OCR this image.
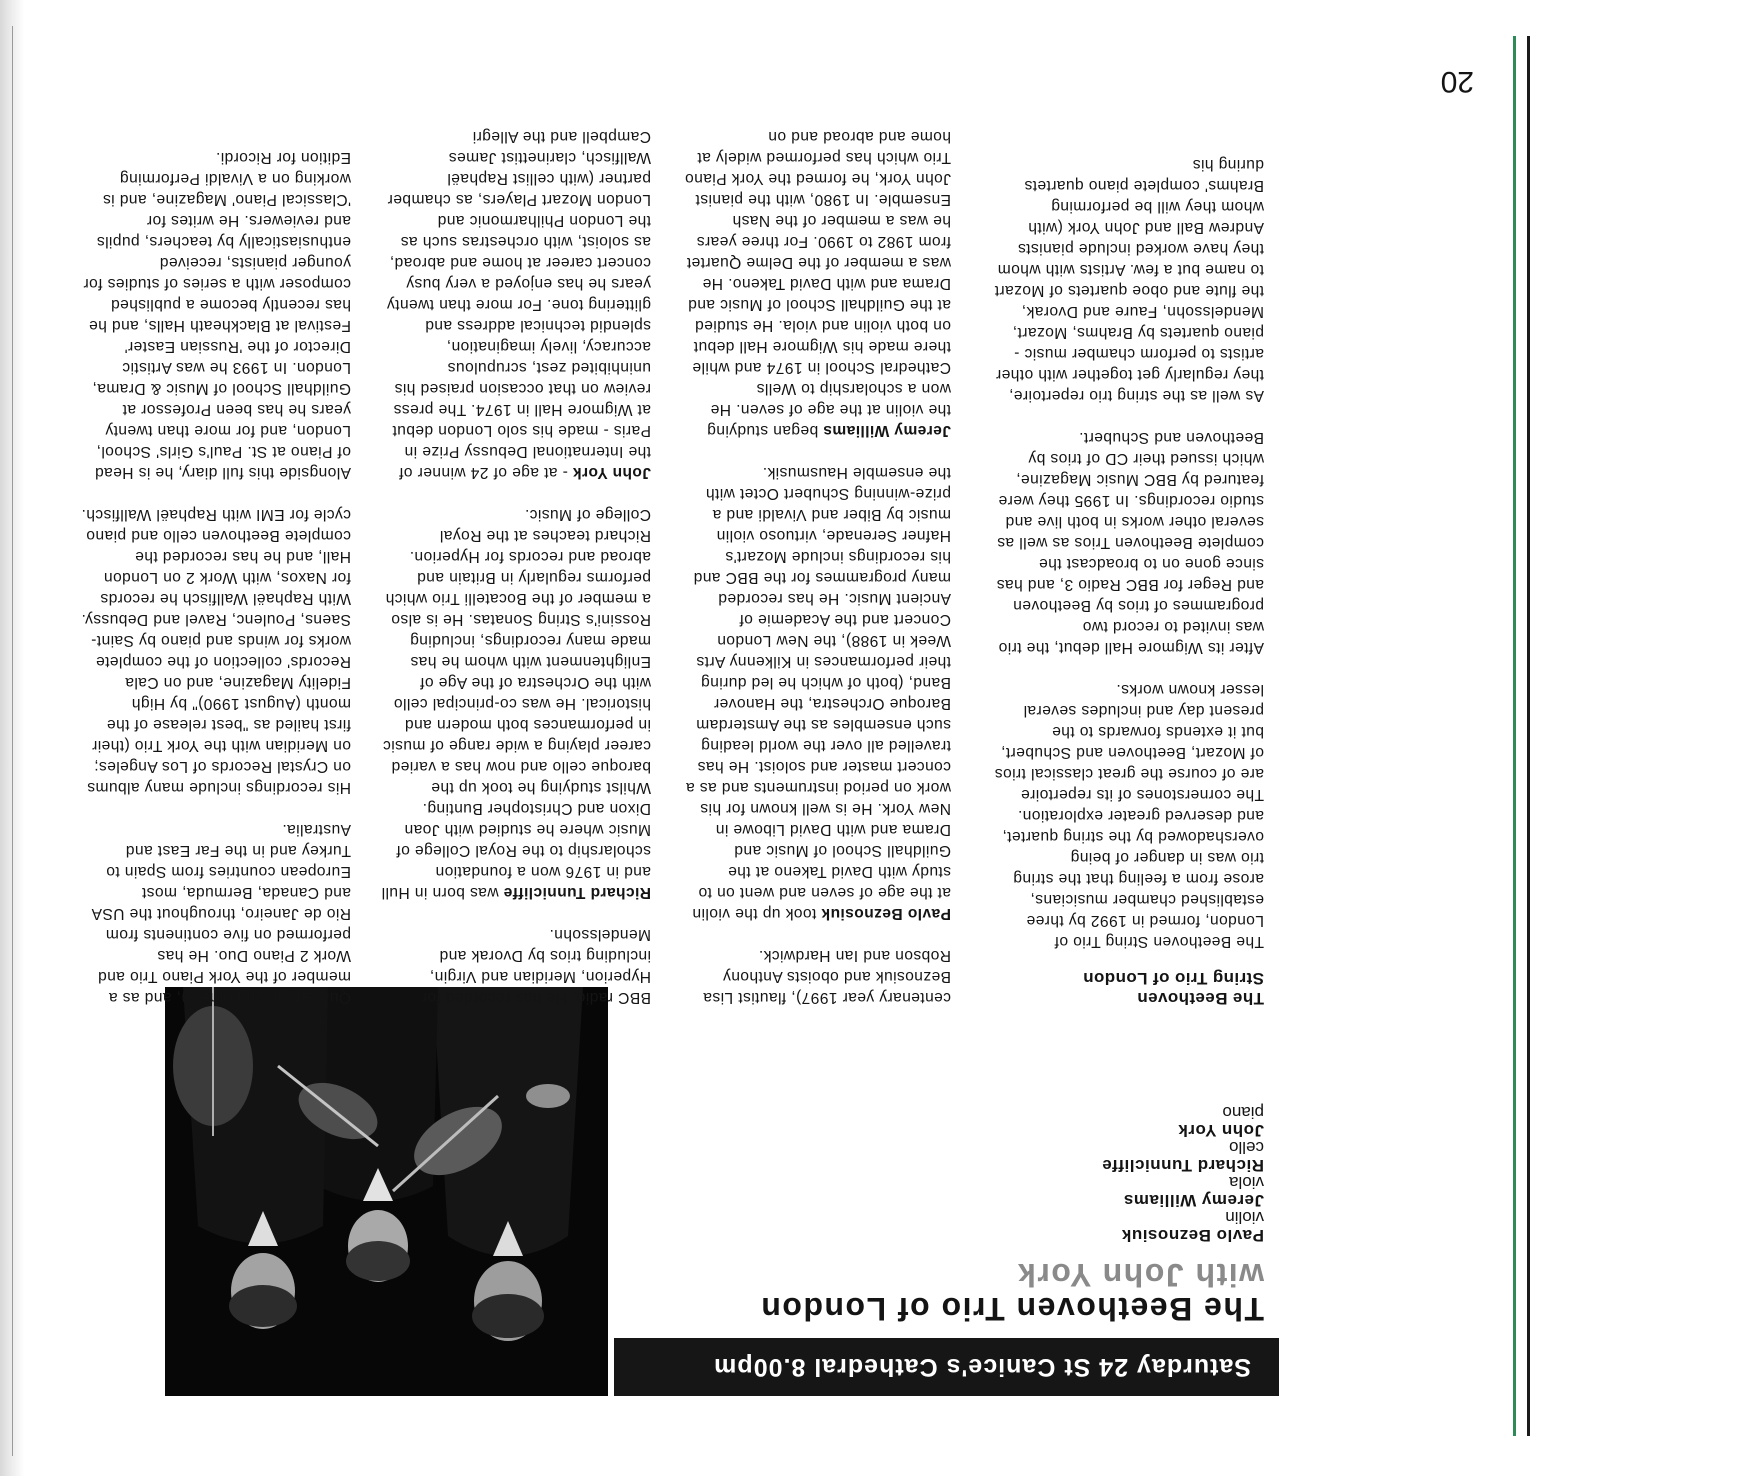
20
Saturday 24 St Canice's Cathedral 8.00pm
The Beethoven Trio of London
with John York
Pavlo Beznosiuk
violin
Jeremy Williams
viola
Richard Tunnicliffe
cello
John York
piano
The Beethoven
String Trio of London

The Beethoven String Trio of London, formed in 1992 by three established chamber musicians, arose from a feeling that the string trio was in danger of being overshadowed by the string quartet, and deserved greater exploration. The cornerstones of its repertoire are of course the great classical trios of Mozart, Beethoven and Schubert, but it extends forwards to the present day and includes several lesser known works.

After its Wigmore Hall debut, the trio was invited to record two programmes of trios by Beethoven and Reger for BBC Radio 3, and has since gone on to broadcast the complete Beethoven Trios as well as several other works in both live and studio recordings. In 1995 they were featured by BBC Music Magazine, which issued their CD of trios by Beethoven and Schubert.

As well as the string trio repertoire, they regularly get together with other artists to perform chamber music - piano quartets by Brahms, Mozart, Mendelssohn, Faure and Dvorak, the flute and oboe quartets of Mozart to name but a few. Artists with whom they have worked include pianists Andrew Ball and John York (with whom they will be performing Brahms' complete piano quartets during his

centenary year 1997), flautist Lisa Beznosiuk and oboists Anthony Robson and Ian Hardwick.

Pavlo Beznosiuk took up the violin at the age of seven and went on to study with David Takeno at the Guildhall School of Music and Drama and with David Libowe in New York. He is well known for his work on period instruments and as a concert master and soloist. He has travelled all over the world leading such ensembles as the Amsterdam Baroque Orchestra, the Hanover Band, (both of which he led during their performances in Kilkenny Arts Week in 1988), the New London Concert and the Academie of Ancient Music. He has recorded many programmes for the BBC and his recordings include Mozart's Hafner Serenade, virtuoso violin music by Biber and Vivaldi and a prize-winning Schubert Octet with the ensemble Hausmusik.

Jeremy Williams began studying the violin at the age of seven. He won a scholarship to Wells Cathedral School in 1974 and while there made his Wigmore Hall debut on both violin and viola. He studied at the Guildhall School of Music and Drama and with David Takeno. He was a member of the Delme Quartet from 1982 to 1990. For three years he was a member of the Nash Ensemble. In 1980, with the pianist John York, he formed the York Piano Trio which has performed widely at home and abroad and on

BBC radio. He has recorded for Hyperion, Meridian and Virgin, including trios by Dvorak and Mendelssohn.

Richard Tunnicliffe was born in Hull and in 1976 won a foundation scholarship to the Royal College of Music where he studied with Joan Dixon and Christopher Bunting. Whilst studying he took up the baroque cello and now has a varied career playing a wide range of music in performances both modern and historical. He was co-principal cello with the Orchestra of the Age of Enlightenment with whom he has made many recordings, including Rossini's String Sonatas. He is also a member of the Bocatelli Trio which performs regularly in Britain and abroad and records for Hyperion. Richard teaches at the Royal College of Music.

John York - at age of 24 winner of the International Debussy Prize in Paris - made his solo London debut at Wigmore Hall in 1974. The press review on that occasion praised his uninhibited zest, scrupulous accuracy, lively imagination, splendid technical address and glittering tone. For more than twenty years he has enjoyed a very busy concert career at home and abroad, as soloist, with orchestras such as the London Philharmonic and London Mozart Players, as chamber partner (with cellist Raphaël Wallfisch, clarinettist James Campbell and the Allegri

Quartet, among others), and as a member of the York Piano Trio and Work 2 Piano Duo. He has performed on five continents from Rio de Janeiro, throughout the USA and Canada, Bermuda, most European countries from Spain to Turkey and in the Far East and Australia.

His recordings include many albums on Crystal Records of Los Angeles; on Meridian with the York Trio (their first hailed as "best release of the month (August 1990)" by High Fidelity Magazine, and on Cala Records' collection of the complete works for winds and piano by Saint-Saens, Poulenc, Ravel and Debussy. With Raphaël Wallfisch he records for Naxos, with Work 2 on London Hall, and he has recorded the complete Beethoven cello and piano cycle for EMI with Raphaël Wallfisch.

Alongside this full diary, he is Head of Piano at St. Paul's Girls' School, London, and for more than twenty years he has been Professor at Guildhall School of Music & Drama, London. In 1993 he was Artistic Director of the 'Russian Easter' Festival at Blackheath Halls, and he has recently become a published composer with a series of studies for younger pianists, received enthusiastically by teachers, pupils and reviewers. He writes for 'Classical Piano' Magazine, and is working on a Vivaldi Performing Edition for Ricordi.
